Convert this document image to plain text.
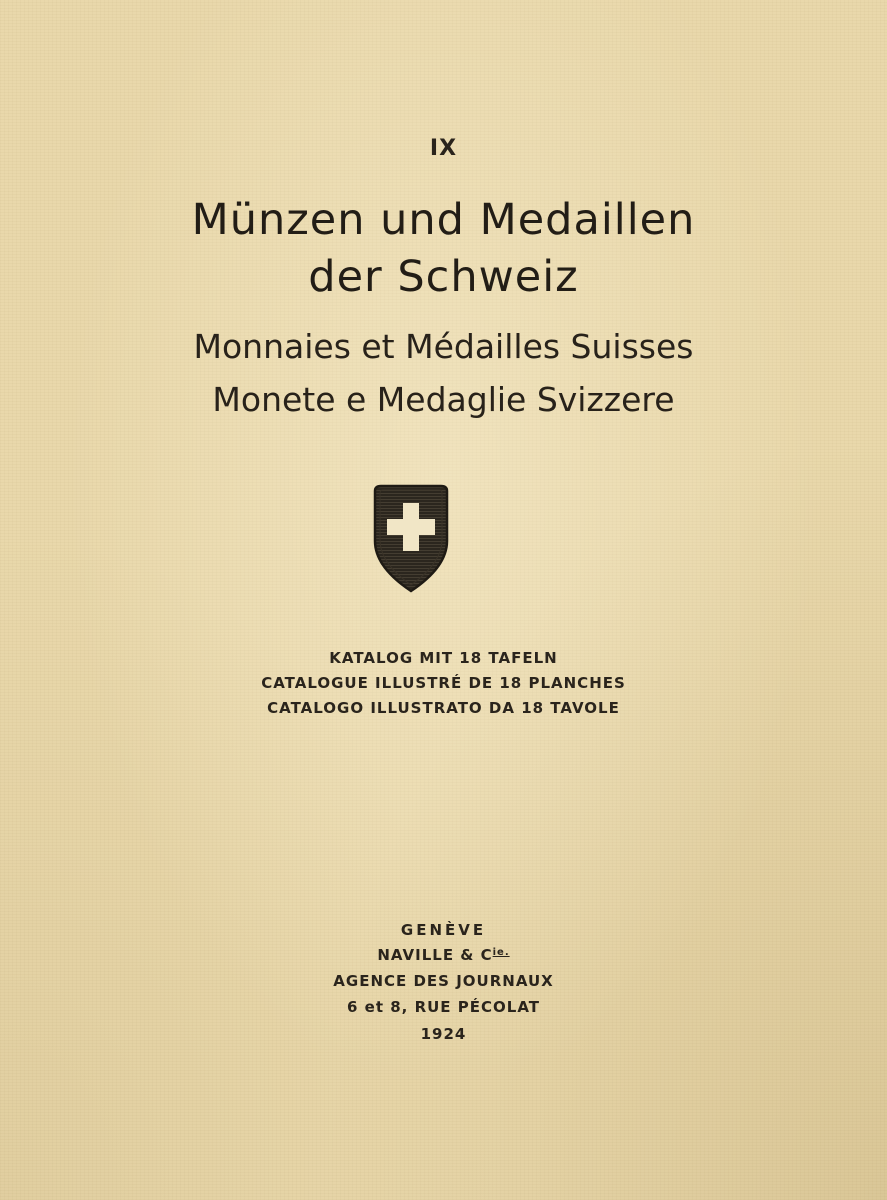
IX

Münzen und Medaillen
der Schweiz
Monnaies et Médailles Suisses
Monete e Medaglie Svizzere

KATALOG MIT 18 TAFELN

CATALOGUE ILLUSTRÉ DE 18 PLANCHES

CATALOGO ILLUSTRATO DA 18 TAVOLE

GENÈVE

NAVILLE & $C^{ie.}$

AGENCE DES JOURNAUX

6 et 8, RUE PÉCOLAT

1924
